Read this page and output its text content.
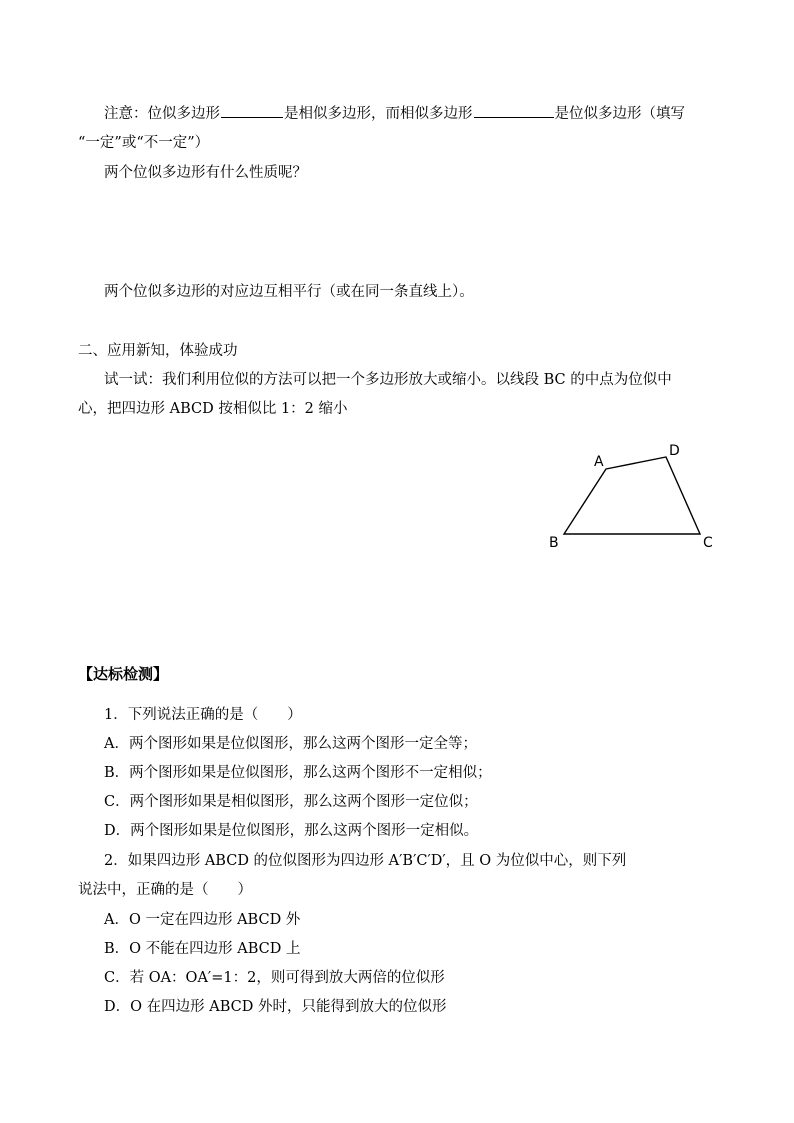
注意：位似多边形	是相似多边形，而相似多边形	是位似多边形（填写
“一定”或“不一定”）
两个位似多边形有什么性质呢？
两个位似多边形的对应边互相平行（或在同一条直线上）。
二、应用新知，体验成功
试一试：我们利用位似的方法可以把一个多边形放大或缩小。以线段 BC 的中点为位似中
心，把四边形 ABCD 按相似比 1：2 缩小
A
D
B	C
【达标检测】
1．下列说法正确的是（　　）
A．两个图形如果是位似图形，那么这两个图形一定全等；
B．两个图形如果是位似图形，那么这两个图形不一定相似；
C．两个图形如果是相似图形，那么这两个图形一定位似；
D．两个图形如果是位似图形，那么这两个图形一定相似。
2．如果四边形 ABCD 的位似图形为四边形 A′B′C′D′，且 O 为位似中心，则下列
说法中，正确的是（　　）
A．O 一定在四边形 ABCD 外
B．O 不能在四边形 ABCD 上
C．若 OA：OA′=1：2，则可得到放大两倍的位似形
D．O 在四边形 ABCD 外时，只能得到放大的位似形
